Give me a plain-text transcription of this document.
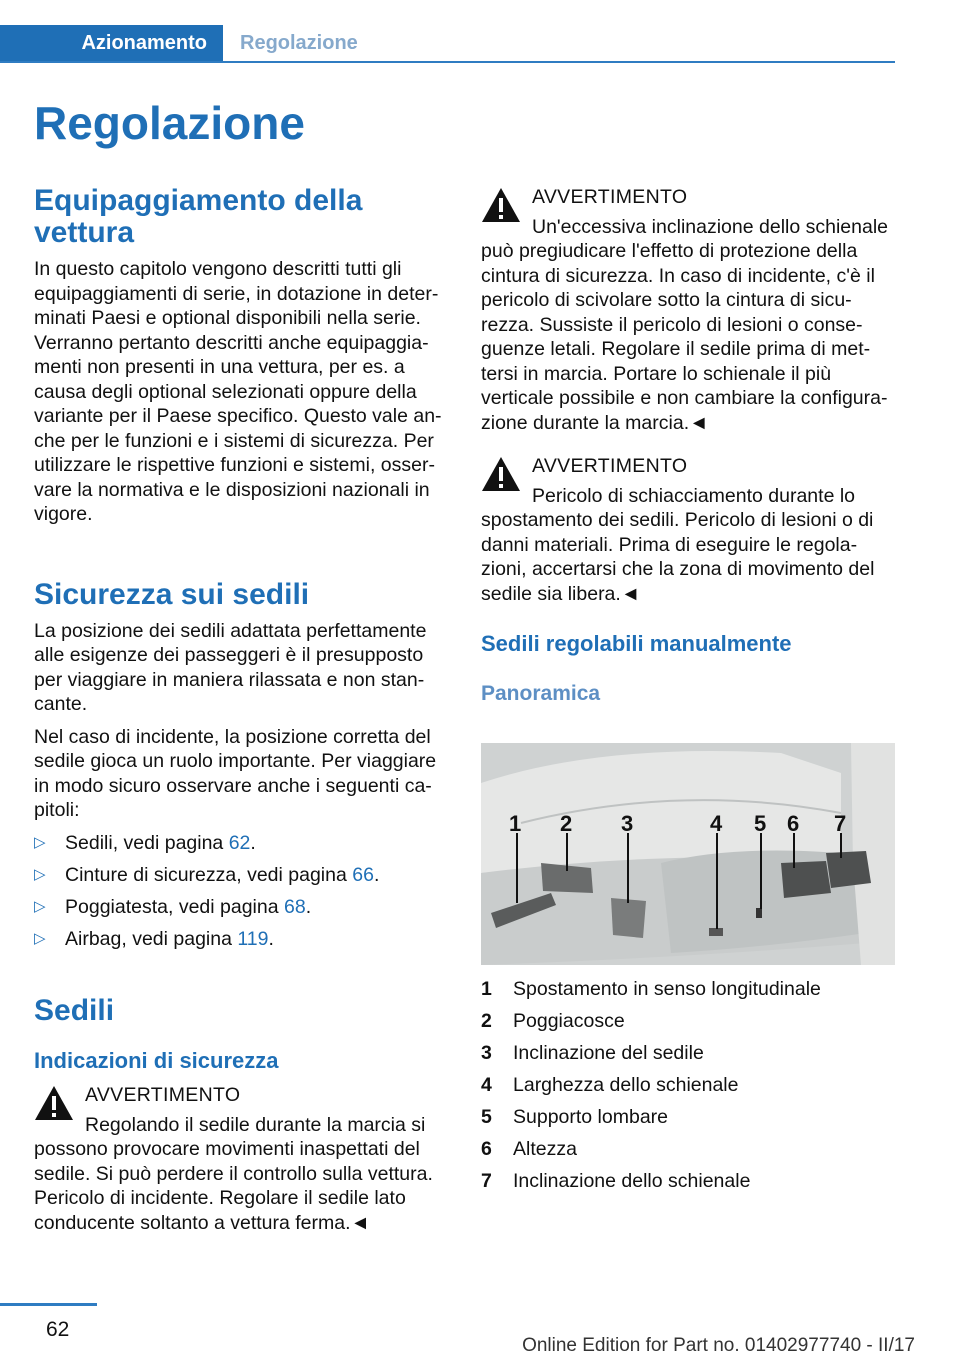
Azionamento Regolazione
Regolazione
Equipaggiamento della vettura

In questo capitolo vengono descritti tutti gli equipaggiamenti di serie, in dotazione in deter-minati Paesi e optional disponibili nella serie. Verranno pertanto descritti anche equipaggia-menti non presenti in una vettura, per es. a causa degli optional selezionati oppure della variante per il Paese specifico. Questo vale an-che per le funzioni e i sistemi di sicurezza. Per utilizzare le rispettive funzioni e sistemi, osser-vare la normativa e le disposizioni nazionali in vigore.

Sicurezza sui sedili

La posizione dei sedili adattata perfettamente alle esigenze dei passeggeri è il presupposto per viaggiare in maniera rilassata e non stan-cante.

Nel caso di incidente, la posizione corretta del sedile gioca un ruolo importante. Per viaggiare in modo sicuro osservare anche i seguenti ca-pitoli:

▷ Sedili, vedi pagina 62.
▷ Cinture di sicurezza, vedi pagina 66.
▷ Poggiatesta, vedi pagina 68.
▷ Airbag, vedi pagina 119.
Sedili
Indicazioni di sicurezza
AVVERTIMENTO
Regolando il sedile durante la marcia si possono provocare movimenti inaspettati del sedile. Si può perdere il controllo sulla vettura. Pericolo di incidente. Regolare il sedile lato conducente soltanto a vettura ferma.◄
AVVERTIMENTO
Un'eccessiva inclinazione dello schienale può pregiudicare l'effetto di protezione della cintura di sicurezza. In caso di incidente, c'è il pericolo di scivolare sotto la cintura di sicu-rezza. Sussiste il pericolo di lesioni o conse-guenze letali. Regolare il sedile prima di met-tersi in marcia. Portare lo schienale il più verticale possibile e non cambiare la configura-zione durante la marcia.◄
AVVERTIMENTO
Pericolo di schiacciamento durante lo spostamento dei sedili. Pericolo di lesioni o di danni materiali. Prima di eseguire le regola-zioni, accertarsi che la zona di movimento del sedile sia libera.◄
Sedili regolabili manualmente
Panoramica
1 2 3	4 5 6 7
1	Spostamento in senso longitudinale
2	Poggiacosce
3	Inclinazione del sedile
4	Larghezza dello schienale
5	Supporto lombare
6	Altezza
7	Inclinazione dello schienale
62
Online Edition for Part no. 01402977740 - II/17
